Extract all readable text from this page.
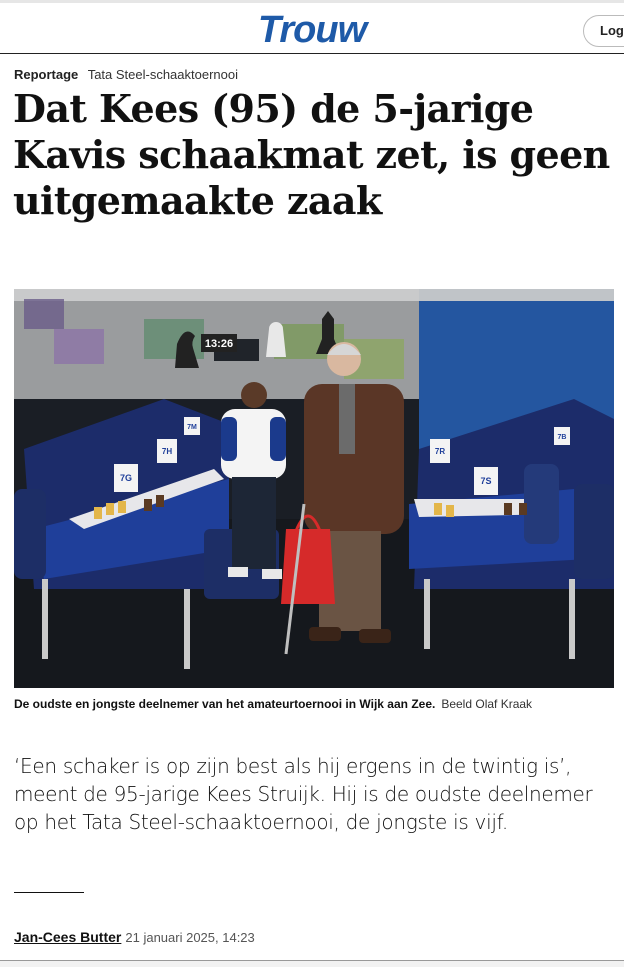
Trouw	Log
Reportage Tata Steel-schaaktoernooi
Dat Kees (95) de 5-jarige Kavis schaakmat zet, is geen uitgemaakte zaak
7G
7H	7R
7S
7M
7B
13:26
De oudste en jongste deelnemer van het amateurtoernooi in Wijk aan Zee. Beeld Olaf Kraak

‘Een schaker is op zijn best als hij ergens in de twintig is’, meent de 95-jarige Kees Struijk. Hij is de oudste deelnemer op het Tata Steel-schaaktoernooi, de jongste is vijf.

Jan-Cees Butter 21 januari 2025, 14:23
